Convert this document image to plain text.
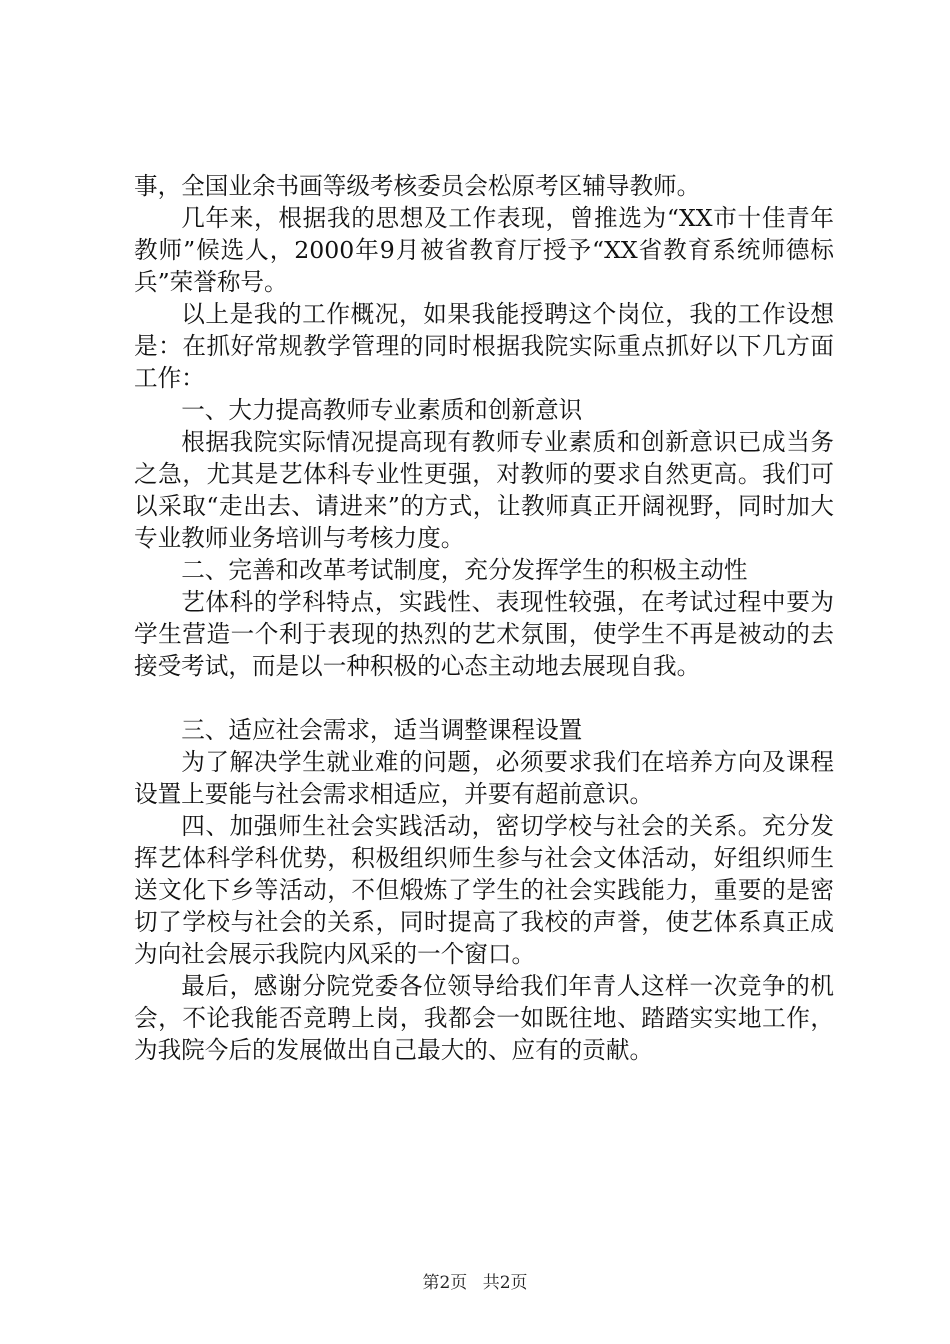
事，全国业余书画等级考核委员会松原考区辅导教师。

几年来，根据我的思想及工作表现，曾推选为“XX市十佳青年教师”候选人，2000年9月被省教育厅授予“XX省教育系统师德标兵”荣誉称号。

以上是我的工作概况，如果我能授聘这个岗位，我的工作设想是：在抓好常规教学管理的同时根据我院实际重点抓好以下几方面工作：

一、大力提高教师专业素质和创新意识

根据我院实际情况提高现有教师专业素质和创新意识已成当务之急，尤其是艺体科专业性更强，对教师的要求自然更高。我们可以采取“走出去、请进来”的方式，让教师真正开阔视野，同时加大专业教师业务培训与考核力度。

二、完善和改革考试制度，充分发挥学生的积极主动性

艺体科的学科特点，实践性、表现性较强，在考试过程中要为学生营造一个利于表现的热烈的艺术氛围，使学生不再是被动的去接受考试，而是以一种积极的心态主动地去展现自我。

三、适应社会需求，适当调整课程设置

为了解决学生就业难的问题，必须要求我们在培养方向及课程设置上要能与社会需求相适应，并要有超前意识。

四、加强师生社会实践活动，密切学校与社会的关系。充分发挥艺体科学科优势，积极组织师生参与社会文体活动，好组织师生送文化下乡等活动，不但煅炼了学生的社会实践能力，重要的是密切了学校与社会的关系，同时提高了我校的声誉，使艺体系真正成为向社会展示我院内风采的一个窗口。

最后，感谢分院党委各位领导给我们年青人这样一次竞争的机会，不论我能否竞聘上岗，我都会一如既往地、踏踏实实地工作，为我院今后的发展做出自己最大的、应有的贡献。

第2页 共2页
